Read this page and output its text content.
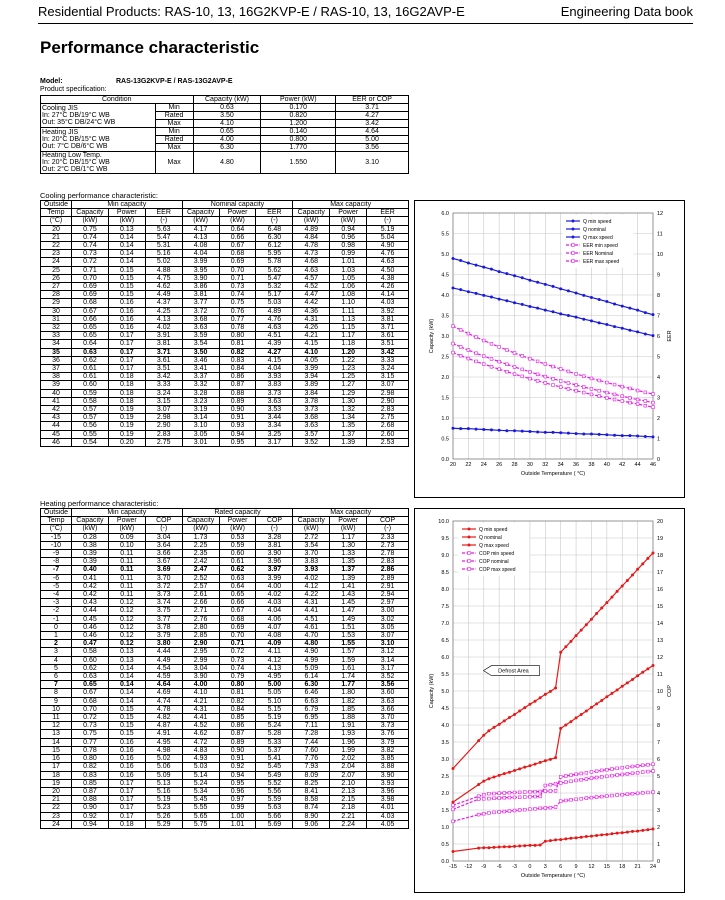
Residential Products: RAS-10, 13, 16G2KVP-E / RAS-10, 13, 16G2AVP-E	Engineering Data book
Performance characteristic
Model:	RAS-13G2KVP-E / RAS-13G2AVP-E
Product specification:
Condition		Capacity (kW)	Power (kW)	EER or COP

Cooling JIS
In: 27°C DB/19°C WB
Out: 35°C DB/24°C WB	Min	0.63	0.170	3.71
	Rated	3.50	0.820	4.27
	Max	4.10	1.200	3.42

Heating JIS
In: 20°C DB/15°C WB
Out: 7°C DB/6°C WB	Min	0.65	0.140	4.64
	Rated	4.00	0.800	5.00
	Max	6.30	1.770	3.56

Heating Low Temp.
In: 20°C DB/15°C WB
Out: 2°C DB/1°C WB	Max	4.80	1.550	3.10
Cooling performance characteristic:
Outside	Min capacity			Nominal capacity			Max capacity		
Temp	Capacity	Power	EER	Capacity	Power	EER	Capacity	Power	EER
(°C)	(kW)	(kW)	(-)	(kW)	(kW)	(-)	(kW)	(kW)	(-)
20	0.75	0.13	5.63	4.17	0.64	6.48	4.89	0.94	5.19
21	0.74	0.14	5.47	4.13	0.66	6.30	4.84	0.96	5.04
22	0.74	0.14	5.31	4.08	0.67	6.12	4.78	0.98	4.90
23	0.73	0.14	5.16	4.04	0.68	5.95	4.73	0.99	4.76
24	0.72	0.14	5.02	3.99	0.69	5.78	4.68	1.01	4.63
25	0.71	0.15	4.88	3.95	0.70	5.62	4.63	1.03	4.50
26	0.70	0.15	4.75	3.90	0.71	5.47	4.57	1.05	4.38
27	0.69	0.15	4.62	3.86	0.73	5.32	4.52	1.06	4.26
28	0.69	0.15	4.49	3.81	0.74	5.17	4.47	1.08	4.14
29	0.68	0.16	4.37	3.77	0.75	5.03	4.42	1.10	4.03
30	0.67	0.16	4.25	3.72	0.76	4.89	4.36	1.11	3.92
31	0.66	0.16	4.13	3.68	0.77	4.76	4.31	1.13	3.81
32	0.65	0.16	4.02	3.63	0.78	4.63	4.26	1.15	3.71
33	0.65	0.17	3.91	3.59	0.80	4.51	4.21	1.17	3.61
34	0.64	0.17	3.81	3.54	0.81	4.39	4.15	1.18	3.51
35	0.63	0.17	3.71	3.50	0.82	4.27	4.10	1.20	3.42
36	0.62	0.17	3.61	3.46	0.83	4.15	4.05	1.22	3.33
37	0.61	0.17	3.51	3.41	0.84	4.04	3.99	1.23	3.24
38	0.61	0.18	3.42	3.37	0.86	3.93	3.94	1.25	3.15
39	0.60	0.18	3.33	3.32	0.87	3.83	3.89	1.27	3.07
40	0.59	0.18	3.24	3.28	0.88	3.73	3.84	1.29	2.98
41	0.58	0.18	3.15	3.23	0.89	3.63	3.78	1.30	2.90
42	0.57	0.19	3.07	3.19	0.90	3.53	3.73	1.32	2.83
43	0.57	0.19	2.98	3.14	0.91	3.44	3.68	1.34	2.75
44	0.56	0.19	2.90	3.10	0.93	3.34	3.63	1.35	2.68
45	0.55	0.19	2.83	3.05	0.94	3.25	3.57	1.37	2.60
46	0.54	0.20	2.75	3.01	0.95	3.17	3.52	1.39	2.53
Heating performance characteristic:
Outside	Min capacity			Rated capacity			Max capacity		
Temp	Capacity	Power	COP	Capacity	Power	COP	Capacity	Power	COP
(°C)	(kW)	(kW)	(-)	(kW)	(kW)	(-)	(kW)	(kW)	(-)
-15	0.28	0.09	3.04	1.73	0.53	3.28	2.72	1.17	2.33
-10	0.38	0.10	3.64	2.25	0.59	3.81	3.54	1.30	2.73
-9	0.39	0.11	3.66	2.35	0.60	3.90	3.70	1.33	2.78
-8	0.39	0.11	3.67	2.42	0.61	3.96	3.83	1.35	2.83
-7	0.40	0.11	3.69	2.47	0.62	3.97	3.93	1.37	2.86
-6	0.41	0.11	3.70	2.52	0.63	3.99	4.02	1.39	2.89
-5	0.42	0.11	3.72	2.57	0.64	4.00	4.12	1.41	2.91
-4	0.42	0.11	3.73	2.61	0.65	4.02	4.22	1.43	2.94
-3	0.43	0.12	3.74	2.66	0.66	4.03	4.31	1.45	2.97
-2	0.44	0.12	3.75	2.71	0.67	4.04	4.41	1.47	3.00
-1	0.45	0.12	3.77	2.76	0.68	4.06	4.51	1.49	3.02
0	0.46	0.12	3.78	2.80	0.69	4.07	4.61	1.51	3.05
1	0.46	0.12	3.79	2.85	0.70	4.08	4.70	1.53	3.07
2	0.47	0.12	3.80	2.90	0.71	4.09	4.80	1.55	3.10
3	0.58	0.13	4.44	2.95	0.72	4.11	4.90	1.57	3.12
4	0.60	0.13	4.49	2.99	0.73	4.12	4.99	1.59	3.14
5	0.62	0.14	4.54	3.04	0.74	4.13	5.09	1.61	3.17
6	0.63	0.14	4.59	3.90	0.79	4.95	6.14	1.74	3.52
7	0.65	0.14	4.64	4.00	0.80	5.00	6.30	1.77	3.56
8	0.67	0.14	4.69	4.10	0.81	5.05	6.46	1.80	3.60
9	0.68	0.14	4.74	4.21	0.82	5.10	6.63	1.82	3.63
10	0.70	0.15	4.78	4.31	0.84	5.15	6.79	1.85	3.66
11	0.72	0.15	4.82	4.41	0.85	5.19	6.95	1.88	3.70
12	0.73	0.15	4.87	4.52	0.86	5.24	7.11	1.91	3.73
13	0.75	0.15	4.91	4.62	0.87	5.28	7.28	1.93	3.76
14	0.77	0.16	4.95	4.72	0.89	5.33	7.44	1.96	3.79
15	0.78	0.16	4.98	4.83	0.90	5.37	7.60	1.99	3.82
16	0.80	0.16	5.02	4.93	0.91	5.41	7.76	2.02	3.85
17	0.82	0.16	5.06	5.03	0.92	5.45	7.93	2.04	3.88
18	0.83	0.16	5.09	5.14	0.94	5.49	8.09	2.07	3.90
19	0.85	0.17	5.13	5.24	0.95	5.52	8.25	2.10	3.93
20	0.87	0.17	5.16	5.34	0.96	5.56	8.41	2.13	3.96
21	0.88	0.17	5.19	5.45	0.97	5.59	8.58	2.15	3.98
22	0.90	0.17	5.23	5.55	0.99	5.63	8.74	2.18	4.01
23	0.92	0.17	5.26	5.65	1.00	5.66	8.90	2.21	4.03
24	0.94	0.18	5.29	5.75	1.01	5.69	9.06	2.24	4.05
0.0
0.5
1.0
1.5
2.0
2.5
3.0
3.5
4.0
4.5
5.0
5.5
6.0
20 22 24 26 28 30 32 34 36 38 40 42 44 46
0
1
2
3
4
5
6
7
8
9
10
11
12
Outside Temperature ( °C)
Capacity (kW)	EER
Q min speed
Q nominal
Q max speed
EER min speed
EER Nominal
EER max speed
0.0
0.5
1.0
1.5
2.0
2.5
3.0
3.5
4.0
4.5
5.0
5.5
6.0
6.5
7.0
7.5
8.0
8.5
9.0
9.5
10.0
-15 -12 -9 -6 -3 0 3 6 9 12 15 18 21 24
0
1
2
3
4
5
6
7
8
9
10
11
12
13
14
15
16
17
18
19
20
Outside Temperature ( °C)
Capacity (kW)	COP
Q min speed
Q nominal
Q max speed
COP min speed
COP nominal
COP max speed
Defrost Area
